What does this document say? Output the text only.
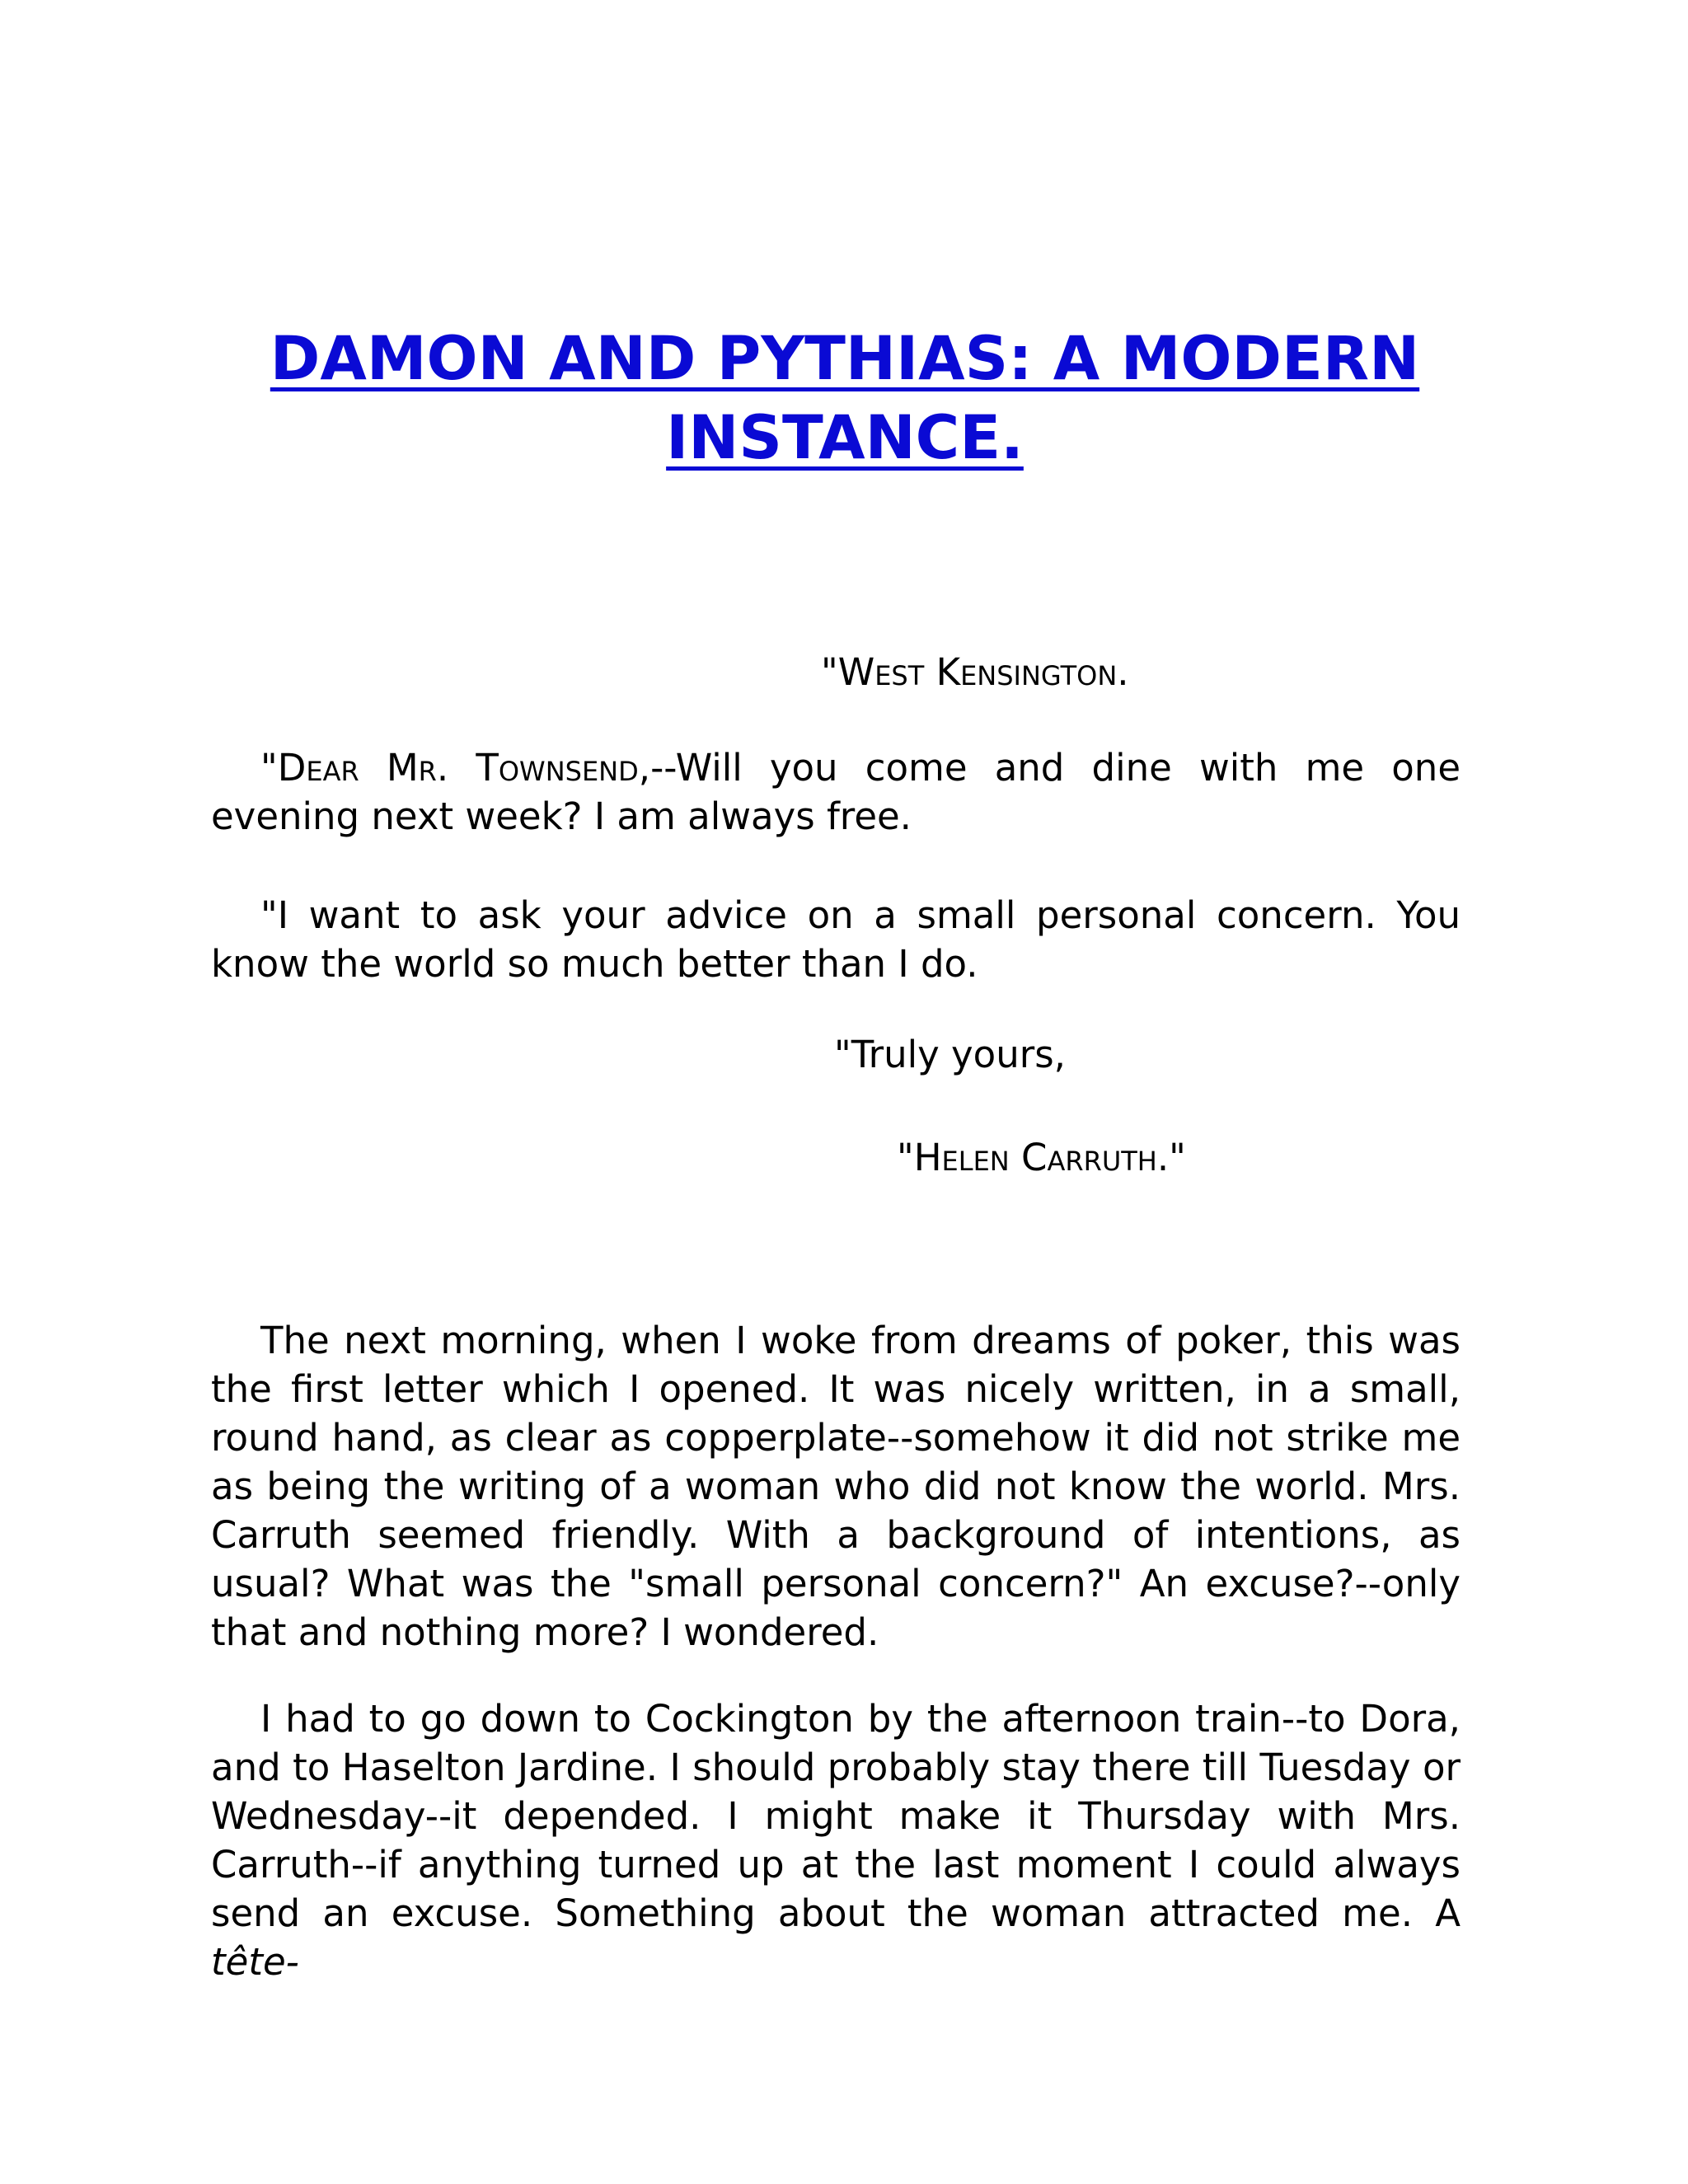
DAMON AND PYTHIAS: A MODERN INSTANCE.

"West Kensington.

"Dear Mr. Townsend,--Will you come and dine with me one evening next week? I am always free.

"I want to ask your advice on a small personal concern. You know the world so much better than I do.

"Truly yours,

"Helen Carruth."

The next morning, when I woke from dreams of poker, this was the first letter which I opened. It was nicely written, in a small, round hand, as clear as copperplate--somehow it did not strike me as being the writing of a woman who did not know the world. Mrs. Carruth seemed friendly. With a background of intentions, as usual? What was the "small personal concern?" An excuse?--only that and nothing more? I wondered.

I had to go down to Cockington by the afternoon train--to Dora, and to Haselton Jardine. I should probably stay there till Tuesday or Wednesday--it depended. I might make it Thursday with Mrs. Carruth--if anything turned up at the last moment I could always send an excuse. Something about the woman attracted me. A tête-
